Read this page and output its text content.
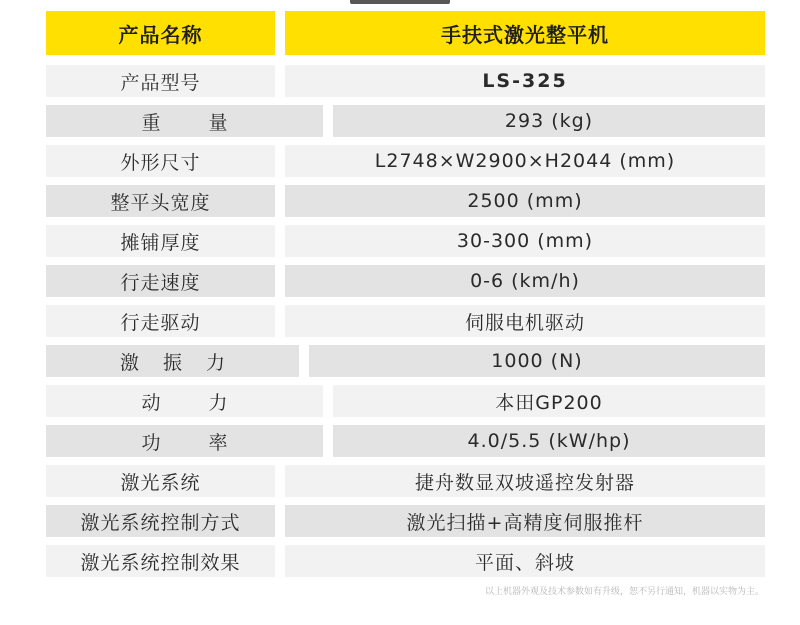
产品名称	手扶式激光整平机
产品型号	LS-325
重量	293 (kg)
外形尺寸	L2748×W2900×H2044 (mm)
整平头宽度	2500 (mm)
摊铺厚度	30-300 (mm)
行走速度	0-6 (km/h)
行走驱动	伺服电机驱动
激振力	1000 (N)
动力	本田GP200
功率	4.0/5.5 (kW/hp)
激光系统	捷舟数显双坡遥控发射器
激光系统控制方式	激光扫描+高精度伺服推杆
激光系统控制效果	平面、斜坡
以上机器外观及技术参数如有升级，恕不另行通知，机器以实物为主。
